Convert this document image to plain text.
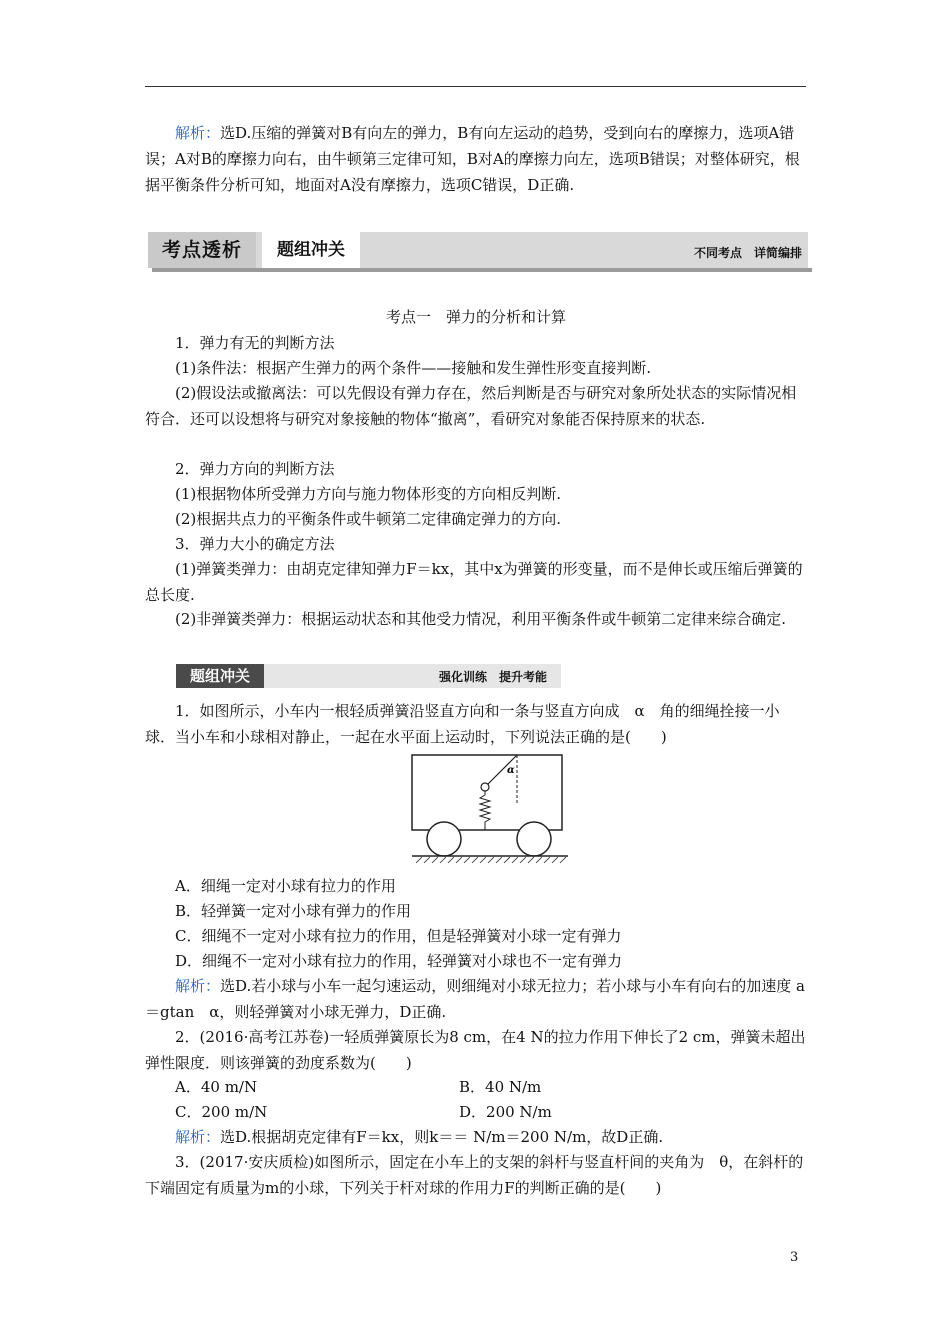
解析：选D.压缩的弹簧对B有向左的弹力，B有向左运动的趋势，受到向右的摩擦力，选项A错误；A对B的摩擦力向右，由牛顿第三定律可知，B对A的摩擦力向左，选项B错误；对整体研究，根据平衡条件分析可知，地面对A没有摩擦力，选项C错误，D正确.
考点透析	题组冲关	不同考点　详简编排
考点一　弹力的分析和计算
1．弹力有无的判断方法
(1)条件法：根据产生弹力的两个条件——接触和发生弹性形变直接判断.
(2)假设法或撤离法：可以先假设有弹力存在，然后判断是否与研究对象所处状态的实际情况相符合．还可以设想将与研究对象接触的物体“撤离”，看研究对象能否保持原来的状态.
2．弹力方向的判断方法
(1)根据物体所受弹力方向与施力物体形变的方向相反判断.
(2)根据共点力的平衡条件或牛顿第二定律确定弹力的方向.
3．弹力大小的确定方法
(1)弹簧类弹力：由胡克定律知弹力F＝kx，其中x为弹簧的形变量，而不是伸长或压缩后弹簧的总长度.
(2)非弹簧类弹力：根据运动状态和其他受力情况，利用平衡条件或牛顿第二定律来综合确定.
题组冲关	强化训练　提升考能
1．如图所示，小车内一根轻质弹簧沿竖直方向和一条与竖直方向成　α　角的细绳拴接一小球．当小车和小球相对静止，一起在水平面上运动时，下列说法正确的是(　　)
α
A．细绳一定对小球有拉力的作用
B．轻弹簧一定对小球有弹力的作用
C．细绳不一定对小球有拉力的作用，但是轻弹簧对小球一定有弹力
D．细绳不一定对小球有拉力的作用，轻弹簧对小球也不一定有弹力
解析：选D.若小球与小车一起匀速运动，则细绳对小球无拉力；若小球与小车有向右的加速度 a＝gtan　α，则轻弹簧对小球无弹力，D正确.
2．(2016·高考江苏卷)一轻质弹簧原长为8 cm，在4 N的拉力作用下伸长了2 cm，弹簧未超出弹性限度．则该弹簧的劲度系数为(　　)
A．40 m/N	B．40 N/m
C．200 m/N	D．200 N/m
解析：选D.根据胡克定律有F＝kx，则k＝＝ N/m＝200 N/m，故D正确.
3．(2017·安庆质检)如图所示，固定在小车上的支架的斜杆与竖直杆间的夹角为　θ，在斜杆的下端固定有质量为m的小球，下列关于杆对球的作用力F的判断正确的是(　　)
3
